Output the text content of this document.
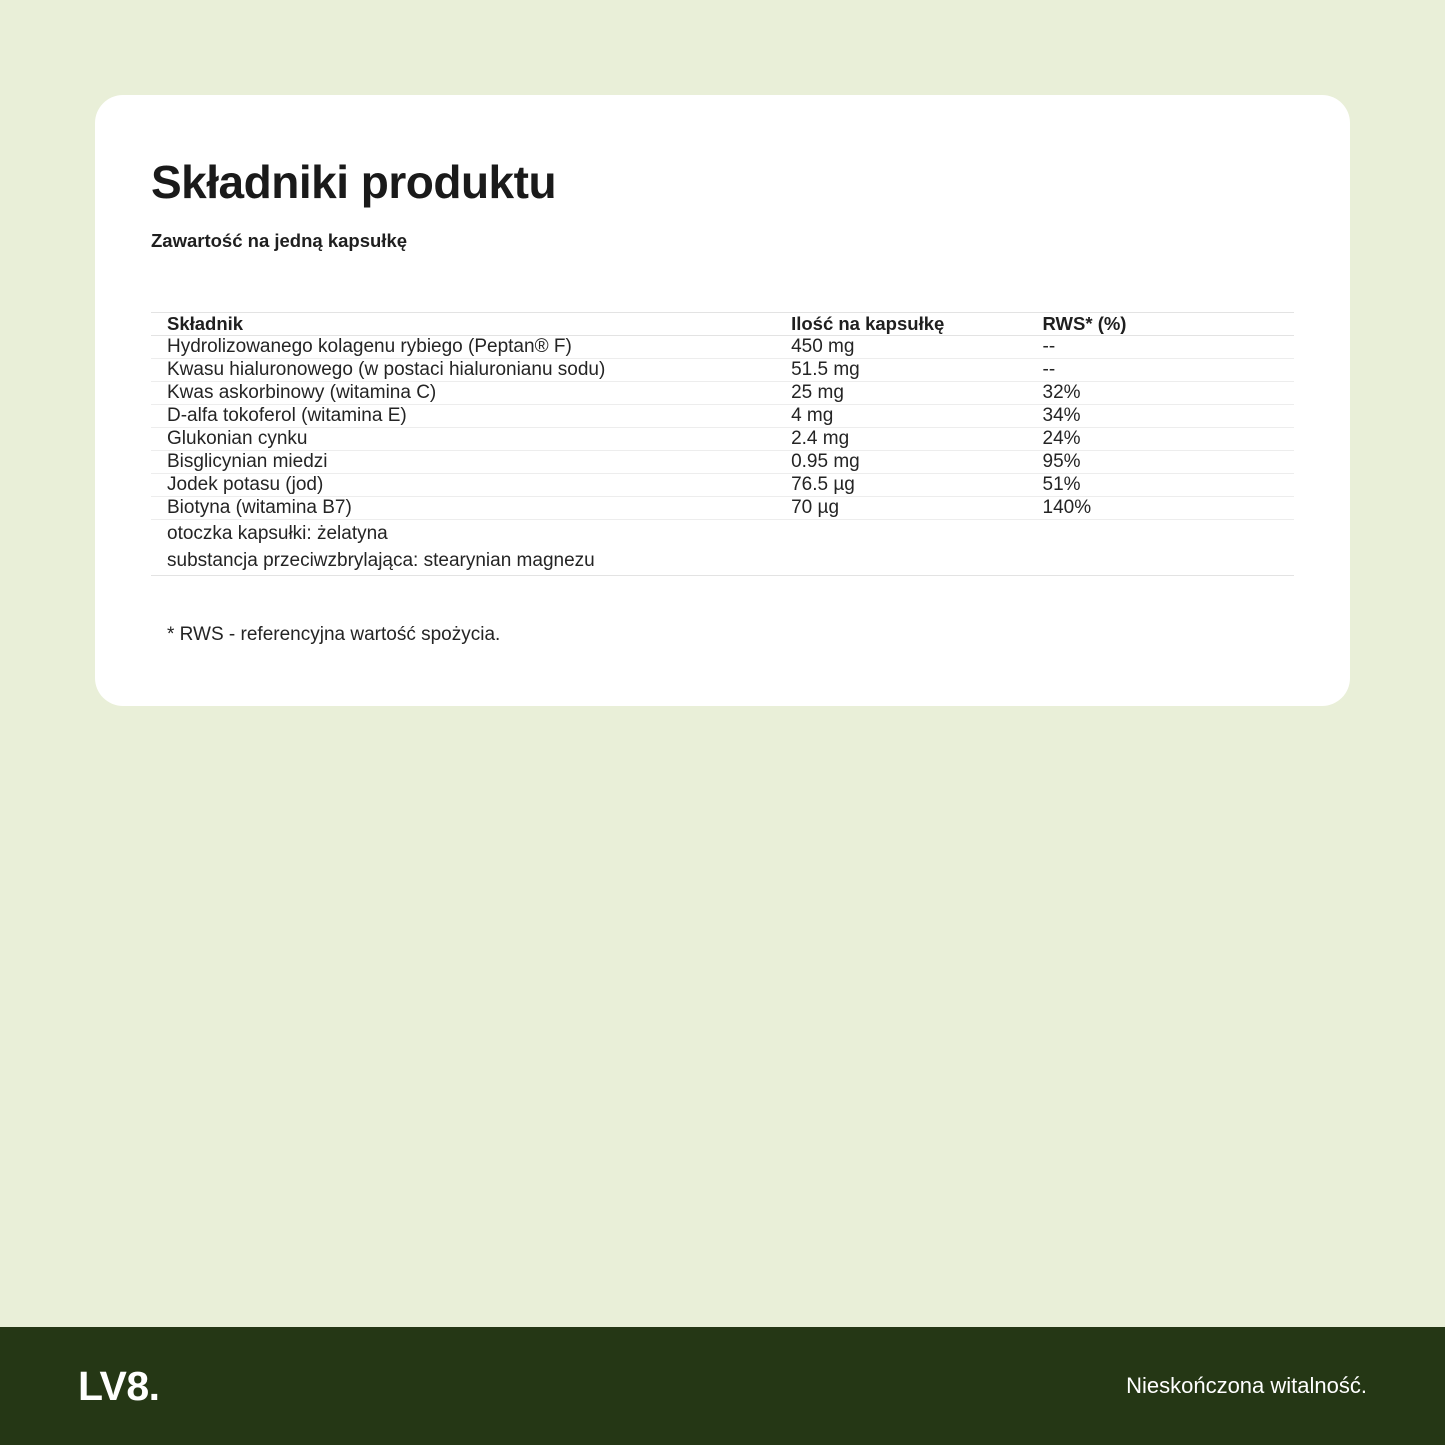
Składniki produktu
Zawartość na jedną kapsułkę
Składnik	Ilość na kapsułkę	RWS* (%)
Hydrolizowanego kolagenu rybiego (Peptan® F)	450 mg	--
Kwasu hialuronowego (w postaci hialuronianu sodu)	51.5 mg	--
Kwas askorbinowy (witamina C)	25 mg	32%
D-alfa tokoferol (witamina E)	4 mg	34%
Glukonian cynku	2.4 mg	24%
Bisglicynian miedzi	0.95 mg	95%
Jodek potasu (jod)	76.5 µg	51%
Biotyna (witamina B7)	70 µg	140%

otoczka kapsułki: żelatyna
substancja przeciwzbrylająca: stearynian magnezu		
* RWS - referencyjna wartość spożycia.
LV8.	Nieskończona witalność.
